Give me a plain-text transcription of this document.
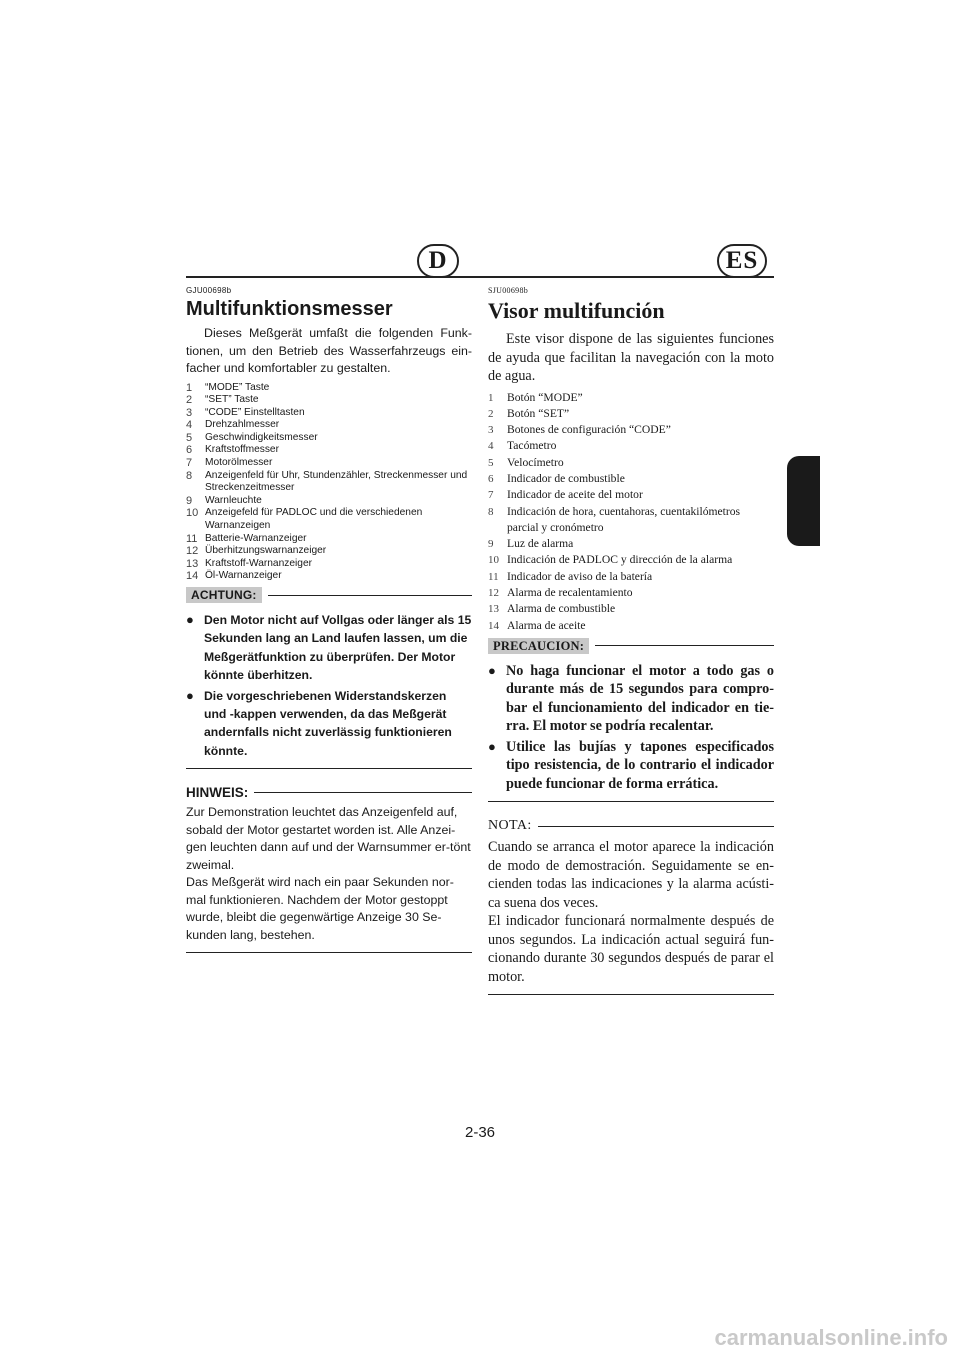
D	ES
GJU00698b
Multifunktionsmesser

Dieses Meßgerät umfaßt die folgenden Funk-tionen, um den Betrieb des Wasserfahrzeugs ein-facher und komfortabler zu gestalten.

1	“MODE” Taste
2	“SET” Taste
3	“CODE” Einstelltasten
4	Drehzahlmesser
5	Geschwindigkeitsmesser
6	Kraftstoffmesser
7	Motorölmesser
8	Anzeigenfeld für Uhr, Stundenzähler, Streckenmesser und Streckenzeitmesser
9	Warnleuchte
10 Anzeigefeld für PADLOC und die verschiedenen Warnanzeigen
11 Batterie-Warnanzeiger
12 Überhitzungswarnanzeiger
13 Kraftstoff-Warnanzeiger
14 Öl-Warnanzeiger
ACHTUNG:
● Den Motor nicht auf Vollgas oder länger als 15 Sekunden lang an Land laufen lassen, um die Meßgerätfunktion zu überprüfen. Der Motor könnte überhitzen.
● Die vorgeschriebenen Widerstandskerzen und -kappen verwenden, da das Meßgerät andernfalls nicht zuverlässig funktionieren könnte.
HINWEIS:

Zur Demonstration leuchtet das Anzeigenfeld auf, sobald der Motor gestartet worden ist. Alle Anzei-gen leuchten dann auf und der Warnsummer er-tönt zweimal.

Das Meßgerät wird nach ein paar Sekunden nor-mal funktionieren. Nachdem der Motor gestoppt wurde, bleibt die gegenwärtige Anzeige 30 Se-kunden lang, bestehen.

SJU00698b
Visor multifunción

Este visor dispone de las siguientes funciones de ayuda que facilitan la navegación con la moto de agua.

1	Botón “MODE”
2	Botón “SET”
3	Botones de configuración “CODE”
4	Tacómetro
5	Velocímetro
6	Indicador de combustible
7	Indicador de aceite del motor
8	Indicación de hora, cuentahoras, cuentakilómetros parcial y cronómetro
9	Luz de alarma
10 Indicación de PADLOC y dirección de la alarma
11 Indicador de aviso de la batería
12 Alarma de recalentamiento
13 Alarma de combustible
14 Alarma de aceite
PRECAUCION:
● No haga funcionar el motor a todo gas o durante más de 15 segundos para compro-bar el funcionamiento del indicador en tie-rra. El motor se podría recalentar.
● Utilice las bujías y tapones especificados tipo resistencia, de lo contrario el indicador puede funcionar de forma errática.
NOTA:

Cuando se arranca el motor aparece la indicación de modo de demostración. Seguidamente se en-cienden todas las indicaciones y la alarma acústi-ca suena dos veces.

El indicador funcionará normalmente después de unos segundos. La indicación actual seguirá fun-cionando durante 30 segundos después de parar el motor.

2-36
carmanualsonline.info
